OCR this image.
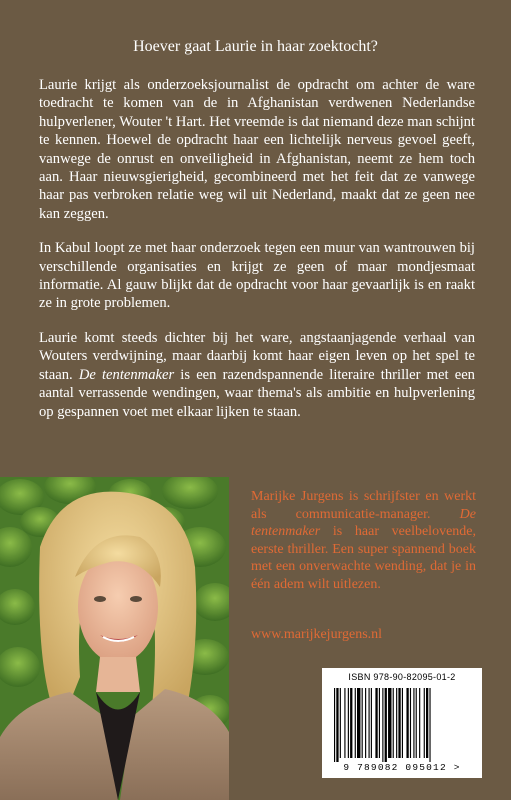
Hoever gaat Laurie in haar zoektocht?

Laurie krijgt als onderzoeksjournalist de opdracht om achter de ware toedracht te komen van de in Afghanistan verdwenen Nederlandse hulpverlener, Wouter 't Hart. Het vreemde is dat niemand deze man schijnt te kennen. Hoewel de opdracht haar een lichtelijk nerveus gevoel geeft, vanwege de onrust en onveiligheid in Afghanistan, neemt ze hem toch aan. Haar nieuwsgierigheid, gecombineerd met het feit dat ze vanwege haar pas verbroken relatie weg wil uit Nederland, maakt dat ze geen nee kan zeggen.

In Kabul loopt ze met haar onderzoek tegen een muur van wantrouwen bij verschillende organisaties en krijgt ze geen of maar mondjesmaat informatie. Al gauw blijkt dat de opdracht voor haar gevaarlijk is en raakt ze in grote problemen.

Laurie komt steeds dichter bij het ware, angstaanjagende verhaal van Wouters verdwijning, maar daarbij komt haar eigen leven op het spel te staan. De tentenmaker is een razendspannende literaire thriller met een aantal verrassende wendingen, waar thema's als ambitie en hulpverlening op gespannen voet met elkaar lijken te staan.

Marijke Jurgens is schrijfster en werkt als communicatie-manager. De tentenmaker is haar veelbelovende, eerste thriller. Een super spannend boek met een onverwachte wending, dat je in één adem wilt uitlezen.

www.marijkejurgens.nl
ISBN 978-90-82095-01-2
9 789082 095012 >
